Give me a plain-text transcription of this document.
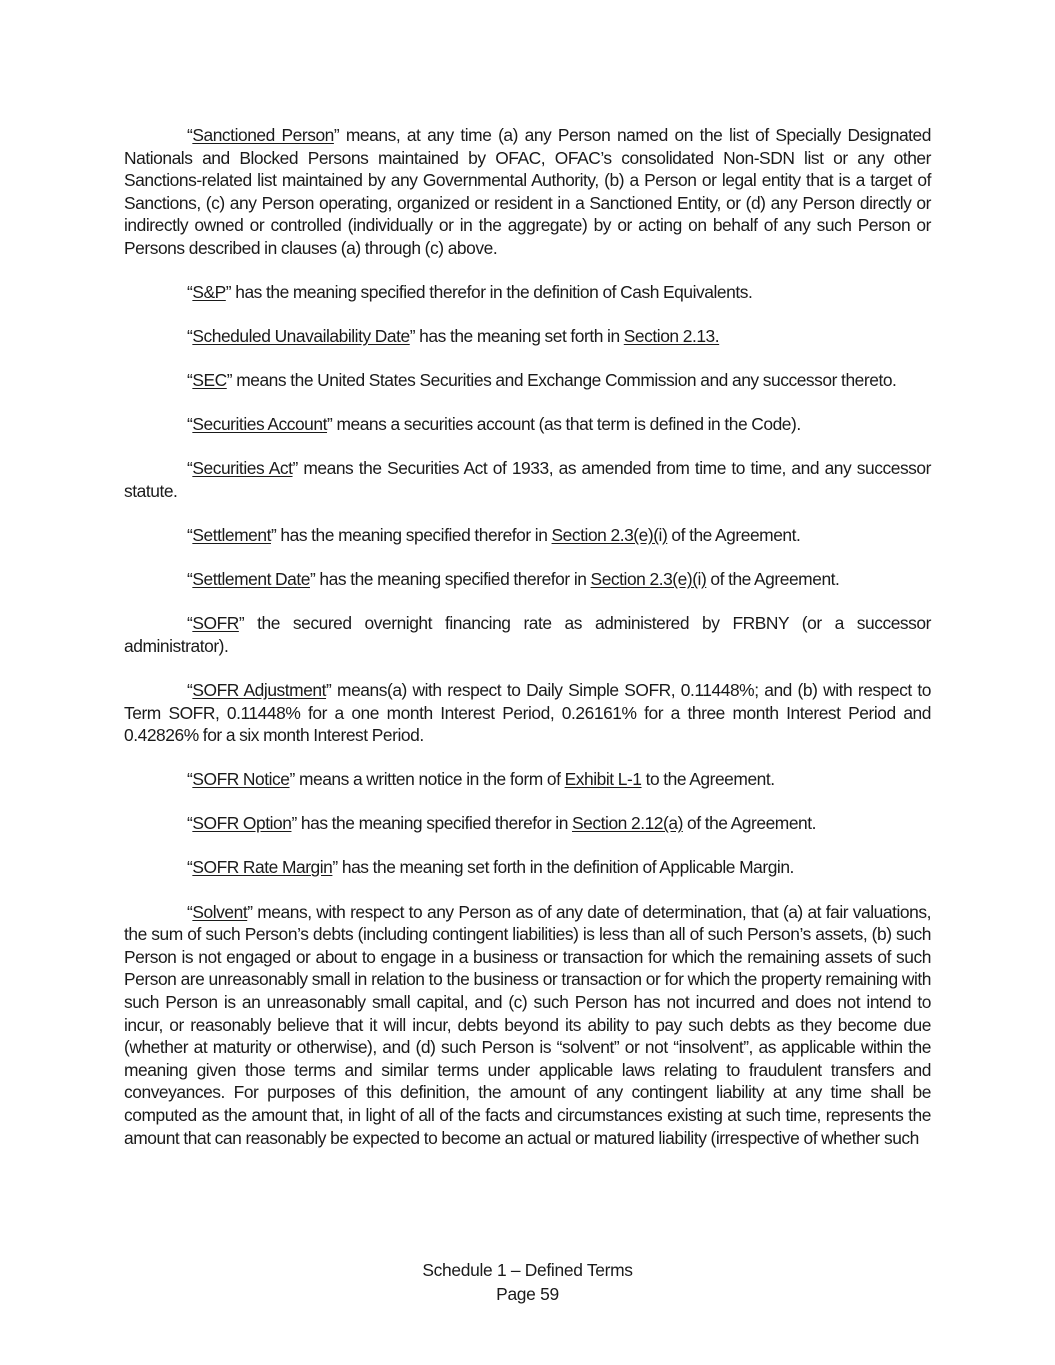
“Sanctioned Person” means, at any time (a) any Person named on the list of Specially Designated Nationals and Blocked Persons maintained by OFAC, OFAC’s consolidated Non-SDN list or any other Sanctions-related list maintained by any Governmental Authority, (b) a Person or legal entity that is a target of Sanctions, (c) any Person operating, organized or resident in a Sanctioned Entity, or (d) any Person directly or indirectly owned or controlled (individually or in the aggregate) by or acting on behalf of any such Person or Persons described in clauses (a) through (c) above.

“S&P” has the meaning specified therefor in the definition of Cash Equivalents.

“Scheduled Unavailability Date” has the meaning set forth in Section 2.13.

“SEC” means the United States Securities and Exchange Commission and any successor thereto.

“Securities Account” means a securities account (as that term is defined in the Code).

“Securities Act” means the Securities Act of 1933, as amended from time to time, and any successor statute.

“Settlement” has the meaning specified therefor in Section 2.3(e)(i) of the Agreement.

“Settlement Date” has the meaning specified therefor in Section 2.3(e)(i) of the Agreement.

“SOFR” the secured overnight financing rate as administered by FRBNY (or a successor administrator).

“SOFR Adjustment” means(a) with respect to Daily Simple SOFR, 0.11448%; and (b) with respect to Term SOFR, 0.11448% for a one month Interest Period, 0.26161% for a three month Interest Period and 0.42826% for a six month Interest Period.

“SOFR Notice” means a written notice in the form of Exhibit L-1 to the Agreement.

“SOFR Option” has the meaning specified therefor in Section 2.12(a) of the Agreement.

“SOFR Rate Margin” has the meaning set forth in the definition of Applicable Margin.

“Solvent” means, with respect to any Person as of any date of determination, that (a) at fair valuations, the sum of such Person’s debts (including contingent liabilities) is less than all of such Person’s assets, (b) such Person is not engaged or about to engage in a business or transaction for which the remaining assets of such Person are unreasonably small in relation to the business or transaction or for which the property remaining with such Person is an unreasonably small capital, and (c) such Person has not incurred and does not intend to incur, or reasonably believe that it will incur, debts beyond its ability to pay such debts as they become due (whether at maturity or otherwise), and (d) such Person is “solvent” or not “insolvent”, as applicable within the meaning given those terms and similar terms under applicable laws relating to fraudulent transfers and conveyances. For purposes of this definition, the amount of any contingent liability at any time shall be computed as the amount that, in light of all of the facts and circumstances existing at such time, represents the amount that can reasonably be expected to become an actual or matured liability (irrespective of whether such

Schedule 1 – Defined Terms
Page 59
